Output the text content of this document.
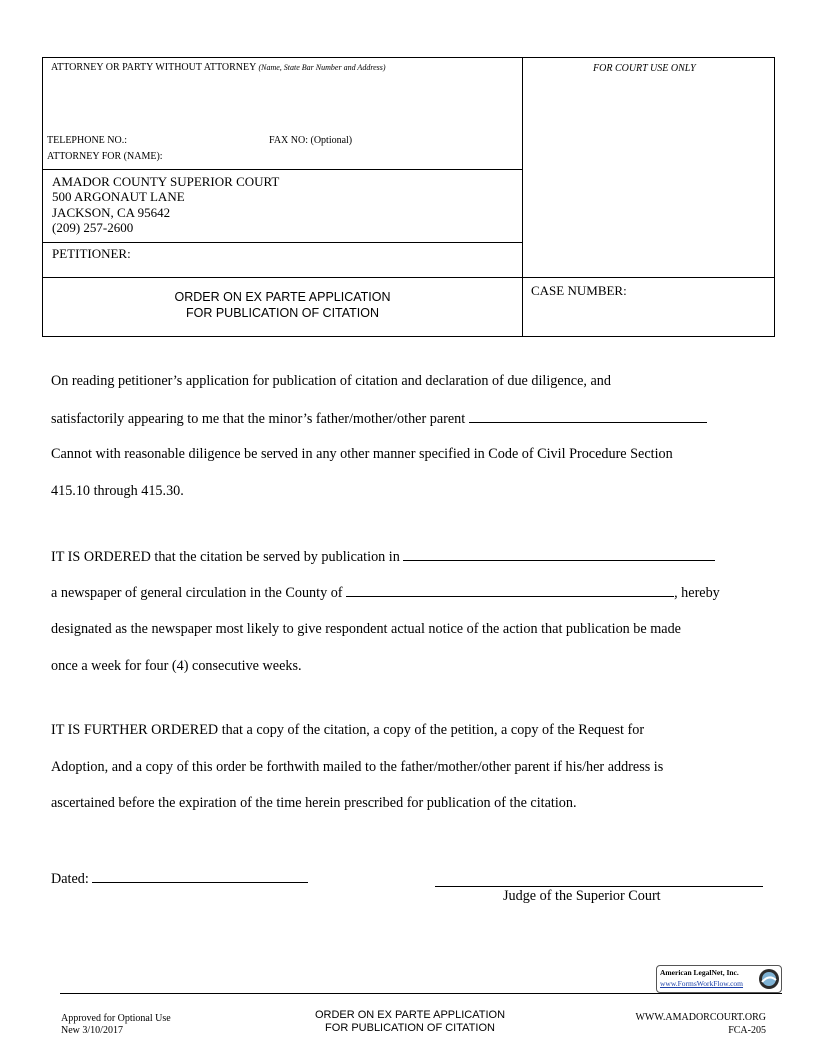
ATTORNEY OR PARTY WITHOUT ATTORNEY (Name, State Bar Number and Address)	FOR COURT USE ONLY
TELEPHONE NO.:	FAX NO: (Optional)
ATTORNEY FOR (NAME):
AMADOR COUNTY SUPERIOR COURT
500 ARGONAUT LANE
JACKSON, CA 95642
(209) 257-2600
PETITIONER:
ORDER ON EX PARTE APPLICATION
FOR PUBLICATION OF CITATION
CASE NUMBER:
On reading petitioner’s application for publication of citation and declaration of due diligence, and
satisfactorily appearing to me that the minor’s father/mother/other parent
Cannot with reasonable diligence be served in any other manner specified in Code of Civil Procedure Section
415.10 through 415.30.
IT IS ORDERED that the citation be served by publication in
a newspaper of general circulation in the County of	, hereby
designated as the newspaper most likely to give respondent actual notice of the action that publication be made
once a week for four (4) consecutive weeks.
IT IS FURTHER ORDERED that a copy of the citation, a copy of the petition, a copy of the Request for
Adoption, and a copy of this order be forthwith mailed to the father/mother/other parent if his/her address is
ascertained before the expiration of the time herein prescribed for publication of the citation.
Dated:
Judge of the Superior Court
American LegalNet, Inc.
www.FormsWorkFlow.com
Approved for Optional Use
New 3/10/2017
ORDER ON EX PARTE APPLICATION
FOR PUBLICATION OF CITATION
WWW.AMADORCOURT.ORG
FCA-205
